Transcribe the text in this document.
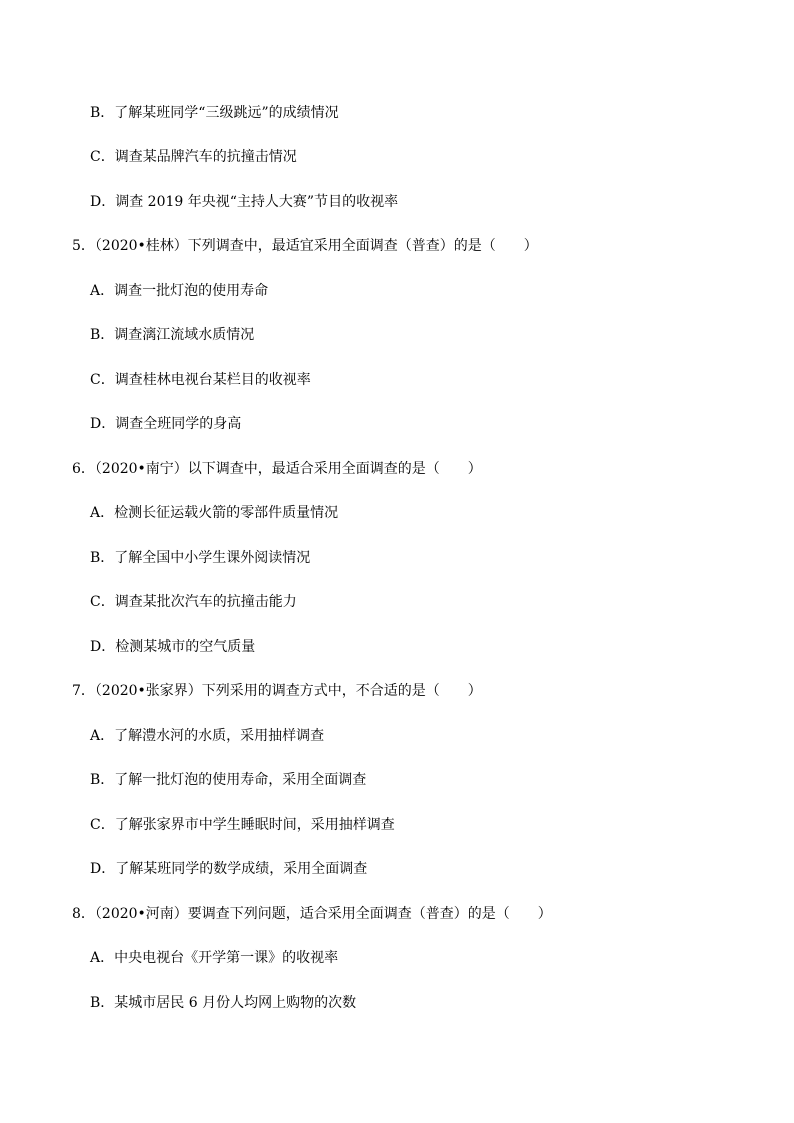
B．了解某班同学“三级跳远”的成绩情况
C．调查某品牌汽车的抗撞击情况
D．调查 2019 年央视“主持人大赛”节目的收视率
5．（2020•桂林）下列调查中，最适宜采用全面调查（普查）的是（　　）
A．调查一批灯泡的使用寿命
B．调查漓江流域水质情况
C．调查桂林电视台某栏目的收视率
D．调查全班同学的身高
6．（2020•南宁）以下调查中，最适合采用全面调查的是（　　）
A．检测长征运载火箭的零部件质量情况
B．了解全国中小学生课外阅读情况
C．调查某批次汽车的抗撞击能力
D．检测某城市的空气质量
7．（2020•张家界）下列采用的调查方式中，不合适的是（　　）
A．了解澧水河的水质，采用抽样调查
B．了解一批灯泡的使用寿命，采用全面调查
C．了解张家界市中学生睡眠时间，采用抽样调查
D．了解某班同学的数学成绩，采用全面调查
8．（2020•河南）要调查下列问题，适合采用全面调查（普查）的是（　　）
A．中央电视台《开学第一课》的收视率
B．某城市居民 6 月份人均网上购物的次数
